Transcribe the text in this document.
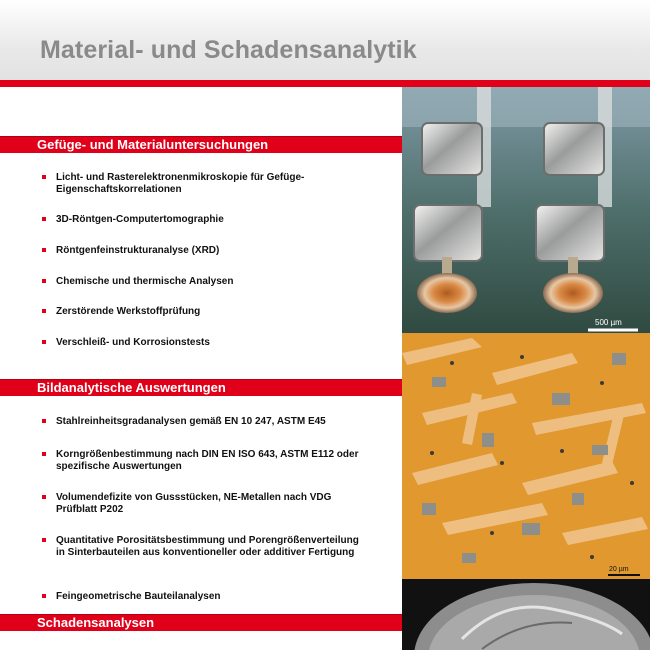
Material- und Schadensanalytik
Gefüge- und Materialuntersuchungen
Licht- und Rasterelektronenmikroskopie für Gefüge-Eigenschaftskorrelationen
3D-Röntgen-Computertomographie
Röntgenfeinstrukturanalyse (XRD)
Chemische und thermische Analysen
Zerstörende Werkstoffprüfung
Verschleiß- und Korrosionstests
Bildanalytische Auswertungen
Stahlreinheitsgradanalysen gemäß EN 10 247, ASTM E45
Korngrößenbestimmung nach DIN EN ISO 643, ASTM E112 oder spezifische Auswertungen
Volumendefizite von Gussstücken, NE-Metallen nach VDG Prüfblatt P202
Quantitative Porositätsbestimmung und Porengrößenverteilung in Sinterbauteilen aus konventioneller oder additiver Fertigung
Feingeometrische Bauteilanalysen
Schadensanalysen
500 µm
20 µm
